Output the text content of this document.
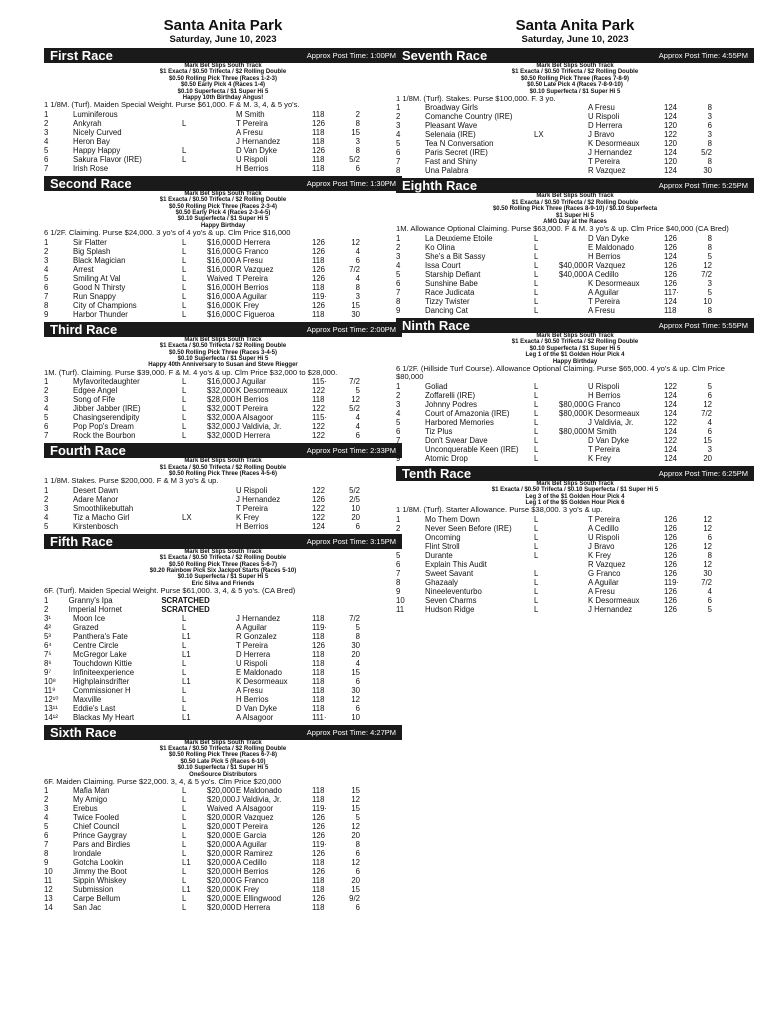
Santa Anita Park
Saturday, June 10, 2023
First Race	Approx Post Time: 1:00PM
Mark Bet Slips South Track
$1 Exacta / $0.50 Trifecta / $2 Rolling Double
$0.50 Rolling Pick Three (Races 1-2-3)
$0.50 Early Pick 4 (Races 1-4)
$0.10 Superfecta / $1 Super Hi 5
Happy 10th Birthday Angus!
1 1/8M. (Turf). Maiden Special Weight. Purse $61,000. F & M. 3, 4, & 5 yo's.
1	Luminiferous	M Smith	118	2
2	Ankyrah	L	T Pereira	126	8
3	Nicely Curved	A Fresu	118	15
4	Heron Bay	J Hernandez	118	3
5	Happy Happy	L	D Van Dyke	126	8
6	Sakura Flavor (IRE)	L	U Rispoli	118	5/2
7	Irish Rose	H Berrios	118	6
Second Race	Approx Post Time: 1:30PM
Mark Bet Slips South Track
$1 Exacta / $0.50 Trifecta / $2 Rolling Double
$0.50 Rolling Pick Three (Races 2-3-4)
$0.50 Early Pick 4 (Races 2-3-4-5)
$0.10 Superfecta / $1 Super Hi 5
Happy Birthday
6 1/2F. Claiming. Purse $24,000. 3 yo's of 4 yo's & up. Clm Price $16,000
1	Sir Flatter	L	$16,000 D Herrera	126	12
2	Big Splash	L	$16,000 G Franco	126	4
3	Black Magician	L	$16,000 A Fresu	118	6
4	Arrest	L	$16,000 R Vazquez	126	7/2
5	Smiling At Val	L	Waived T Pereira	126	4
6	Good N Thirsty	L	$16,000 H Berrios	118	8
7	Run Snappy	L	$16,000 A Aguilar	119·	3
8	City of Champions	L	$16,000 K Frey	126	15
9	Harbor Thunder	L	$16,000 C Figueroa	118	30
Third Race	Approx Post Time: 2:00PM
Mark Bet Slips South Track
$1 Exacta / $0.50 Trifecta / $2 Rolling Double
$0.50 Rolling Pick Three (Races 3-4-5)
$0.10 Superfecta / $1 Super Hi 5
Happy 40th Anniversary to Susan and Steve Riegger
1M. (Turf). Claiming. Purse $39,000. F & M. 4 yo's & up. Clm Price $32,000 to $28,000.
1	Myfavoritedaughter	L	$16,000 J Aguilar	115·	7/2
2	Edgee Angel	L	$32,000 K Desormeaux	122	5
3	Song of Fife	L	$28,000 H Berrios	118	12
4	Jibber Jabber (IRE)	L	$32,000 T Pereira	122	5/2
5	Chasingserendipity	L	$32,000 A Alsagoor	115·	4
6	Pop Pop's Dream	L	$32,000 J Valdivia, Jr.	122	4
7	Rock the Bourbon	L	$32,000 D Herrera	122	6
Fourth Race	Approx Post Time: 2:33PM
Mark Bet Slips South Track
$1 Exacta / $0.50 Trifecta / $2 Rolling Double
$0.50 Rolling Pick Three (Races 4-5-6)
1 1/8M. Stakes. Purse $200,000. F & M 3 yo's & up.
1	Desert Dawn	U Rispoli	122	5/2
2	Adare Manor	J Hernandez	126	2/5
3	Smoothlikebuttah	T Pereira	122	10
4	Tiz a Macho Girl	LX	K Frey	122	20
5	Kirstenbosch	H Berrios	124	6
Fifth Race	Approx Post Time: 3:15PM
Mark Bet Slips South Track
$1 Exacta / $0.50 Trifecta / $2 Rolling Double
$0.50 Rolling Pick Three (Races 5-6-7)
$0.20 Rainbow Pick Six Jackpot Starts (Races 5-10)
$0.10 Superfecta / $1 Super Hi 5
Eric Silva and Friends
6F. (Turf). Maiden Special Weight. Purse $61,000. 3, 4, & 5 yo's. (CA Bred)
1	Granny's Ipa	SCRATCHED
2	Imperial Hornet	SCRATCHED
3¹	Moon Ice	L	J Hernandez	118	7/2
4²	Grazed	L	A Aguilar	119·	5
5³	Panthera's Fate	L1	R Gonzalez	118	8
6⁴	Centre Circle	L	T Pereira	126	30
7⁵	McGregor Lake	L1	D Herrera	118	20
8⁶	Touchdown Kittie	L	U Rispoli	118	4
9⁷	Infiniteexperience	L	E Maldonado	118	15
10⁸	Highplainsdrifter	L1	K Desormeaux	118	6
11⁹	Commissioner H	L	A Fresu	118	30
12¹⁰	Maxville	L	H Berrios	118	12
13¹¹	Eddie's Last	L	D Van Dyke	118	6
14¹²	Blackas My Heart	L1	A Alsagoor	111·	10
Sixth Race	Approx Post Time: 4:27PM
Mark Bet Slips South Track
$1 Exacta / $0.50 Trifecta / $2 Rolling Double
$0.50 Rolling Pick Three (Races 6-7-8)
$0.50 Late Pick 5 (Races 6-10)
$0.10 Superfecta / $1 Super Hi 5
OneSource Distributors
6F. Maiden Claiming. Purse $22,000. 3, 4, & 5 yo's. Clm Price $20,000
1	Mafia Man	L	$20,000 E Maldonado	118	15
2	My Amigo	L	$20,000 J Valdivia, Jr.	118	12
3	Erebus	L	Waived A Alsagoor	119·	15
4	Twice Fooled	L	$20,000 R Vazquez	126	5
5	Chief Council	L	$20,000 T Pereira	126	12
6	Prince Gaygray	L	$20,000 E Garcia	126	20
7	Pars and Birdies	L	$20,000 A Aguilar	119·	8
8	Irondale	L	$20,000 R Ramirez	126	6
9	Gotcha Lookin	L1	$20,000 A Cedillo	118	12
10	Jimmy the Boot	L	$20,000 H Berrios	126	6
11	Sippin Whiskey	L	$20,000 G Franco	118	20
12	Submission	L1	$20,000 K Frey	118	15
13	Carpe Bellum	L	$20,000 E Ellingwood	126	9/2
14	San Jac	L	$20,000 D Herrera	118	6
Santa Anita Park
Saturday, June 10, 2023
Seventh Race	Approx Post Time: 4:55PM
Mark Bet Slips South Track
$1 Exacta / $0.50 Trifecta / $2 Rolling Double
$0.50 Rolling Pick Three (Races 7-8-9)
$0.50 Late Pick 4 (Races 7-8-9-10)
$0.10 Superfecta / $1 Super Hi 5
1 1/8M. (Turf). Stakes. Purse $100,000. F. 3 yo.
1	Broadway Girls	A Fresu	124	8
2	Comanche Country (IRE)	U Rispoli	124	3
3	Pleasant Wave	D Herrera	120	6
4	Selenaia (IRE)	LX	J Bravo	122	3
5	Tea N Conversation	K Desormeaux	120	8
6	Paris Secret (IRE)	J Hernandez	124	5/2
7	Fast and Shiny	T Pereira	120	8
8	Una Palabra	R Vazquez	124	30
Eighth Race	Approx Post Time: 5:25PM
Mark Bet Slips South Track
$1 Exacta / $0.50 Trifecta / $2 Rolling Double
$0.50 Rolling Pick Three (Races 8-9-10) / $0.10 Superfecta
$1 Super Hi 5
AMG Day at the Races
1M. Allowance Optional Claiming. Purse $63,000. F & M. 3 yo's & up. Clm Price $40,000 (CA Bred)
1	La Deuxieme Etoile	L	D Van Dyke	126	8
2	Ko Olina	L	E Maldonado	126	8
3	She's a Bit Sassy	L	H Berrios	124	5
4	Issa Court	L	$40,000 R Vazquez	126	12
5	Starship Defiant	L	$40,000 A Cedillo	126	7/2
6	Sunshine Babe	L	K Desormeaux	126	3
7	Race Judicata	L	A Aguilar	117·	5
8	Tizzy Twister	L	T Pereira	124	10
9	Dancing Cat	L	A Fresu	118	8
Ninth Race	Approx Post Time: 5:55PM
Mark Bet Slips South Track
$1 Exacta / $0.50 Trifecta / $2 Rolling Double
$0.10 Superfecta / $1 Super Hi 5
Leg 1 of the $1 Golden Hour Pick 4
Happy Birthday
6 1/2F. (Hillside Turf Course). Allowance Optional Claiming. Purse $65,000. 4 yo's & up. Clm Price $80,000
1	Goliad	L	U Rispoli	122	5
2	Zoffarelli (IRE)	L	H Berrios	124	6
3	Johnny Podres	L	$80,000 G Franco	124	12
4	Court of Amazonia (IRE)	L	$80,000 K Desormeaux	124	7/2
5	Harbored Memories	L	J Valdivia, Jr.	122	4
6	Tiz Plus	L	$80,000 M Smith	124	6
7	Don't Swear Dave	L	D Van Dyke	122	15
8	Unconquerable Keen (IRE)	L	T Pereira	124	3
9	Atomic Drop	L	K Frey	124	20
Tenth Race	Approx Post Time: 6:25PM
Mark Bet Slips South Track
$1 Exacta / $0.50 Trifecta / $0.10 Superfecta / $1 Super Hi 5
Leg 3 of the $1 Golden Hour Pick 4
Leg 1 of the $5 Golden Hour Pick 6
1 1/8M. (Turf). Starter Allowance. Purse $38,000. 3 yo's & up.
1	Mo Them Down	L	T Pereira	126	12
2	Never Seen Before (IRE)	L	A Cedillo	126	12
3	Oncoming	L	U Rispoli	126	6
4	Flint Stroll	L	J Bravo	126	12
5	Durante	L	K Frey	126	8
6	Explain This Audit	R Vazquez	126	12
7	Sweet Savant	L	G Franco	126	30
8	Ghazaaly	L	A Aguilar	119·	7/2
9	Nineeleventurbo	L	A Fresu	126	4
10	Seven Charms	L	K Desormeaux	126	6
11	Hudson Ridge	L	J Hernandez	126	5
